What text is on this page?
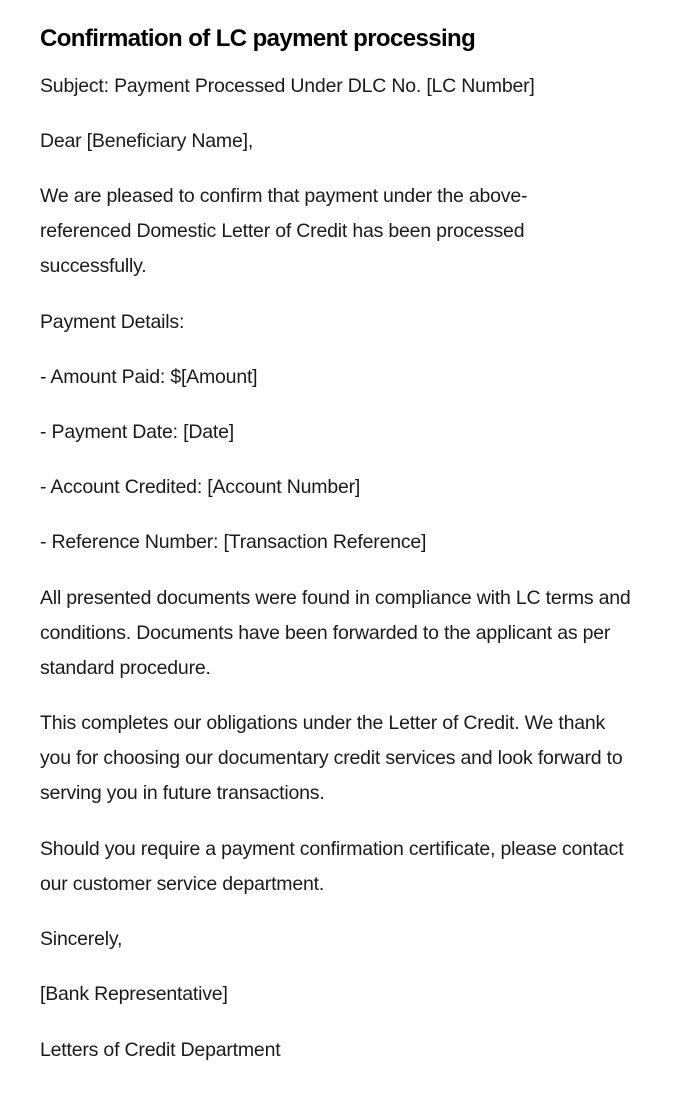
Confirmation of LC payment processing

Subject: Payment Processed Under DLC No. [LC Number]

Dear [Beneficiary Name],

We are pleased to confirm that payment under the above-referenced Domestic Letter of Credit has been processed successfully.

Payment Details:

- Amount Paid: $[Amount]

- Payment Date: [Date]

- Account Credited: [Account Number]

- Reference Number: [Transaction Reference]

All presented documents were found in compliance with LC terms and conditions. Documents have been forwarded to the applicant as per standard procedure.

This completes our obligations under the Letter of Credit. We thank you for choosing our documentary credit services and look forward to serving you in future transactions.

Should you require a payment confirmation certificate, please contact our customer service department.

Sincerely,

[Bank Representative]

Letters of Credit Department
